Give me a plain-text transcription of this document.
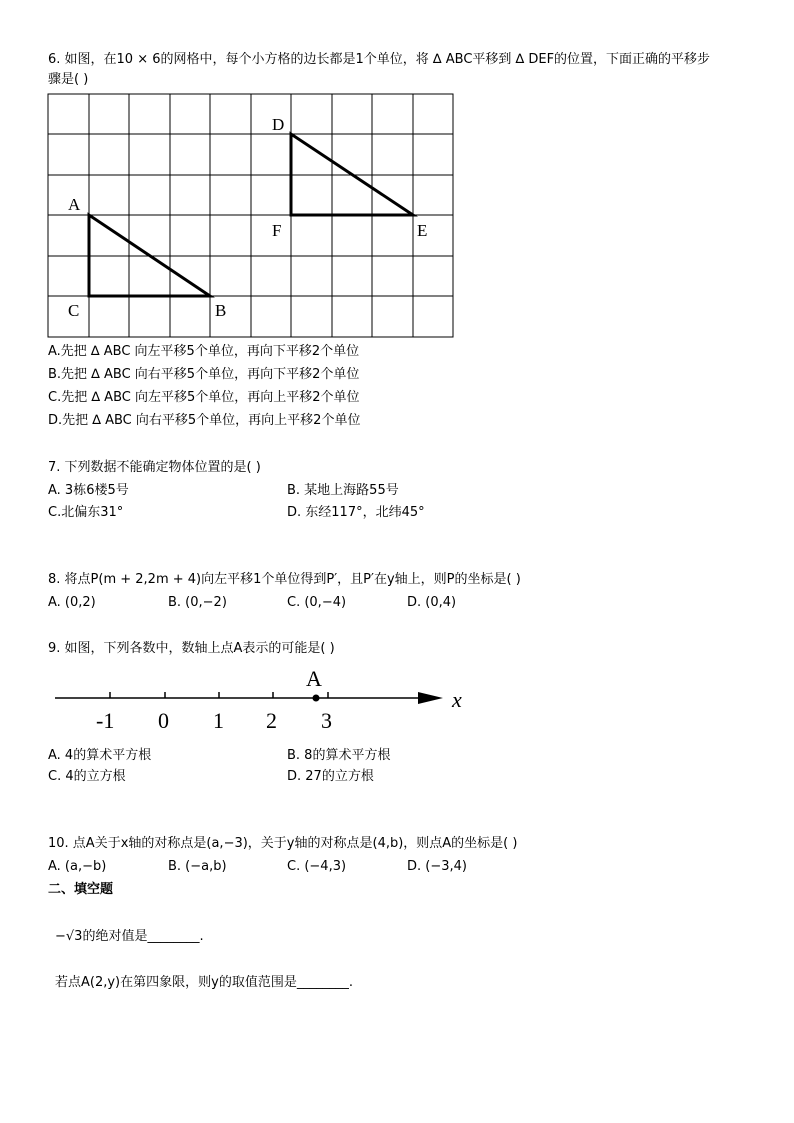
6. 如图，在10 × 6的网格中，每个小方格的边长都是1个单位，将 ∆ ABC平移到 ∆ DEF的位置，下面正确的平移步
骤是( )
A
B
C
D
E
F
A.先把 ∆ ABC 向左平移5个单位，再向下平移2个单位
B.先把 ∆ ABC 向右平移5个单位，再向下平移2个单位
C.先把 ∆ ABC 向左平移5个单位，再向上平移2个单位
D.先把 ∆ ABC 向右平移5个单位，再向上平移2个单位
7. 下列数据不能确定物体位置的是( )
A. 3栋6楼5号	B. 某地上海路55号
C.北偏东31°	D. 东经117°，北纬45°
8. 将点P(m + 2,2m + 4)向左平移1个单位得到P′，且P′在y轴上，则P的坐标是( )
A. (0,2)	B. (0,−2)	C. (0,−4)	D. (0,4)
9. 如图，下列各数中，数轴上点A表示的可能是( )
A
-1 0 1 2 3
x
A. 4的算术平方根	B. 8的算术平方根
C. 4的立方根	D. 27的立方根
10. 点A关于x轴的对称点是(a,−3)，关于y轴的对称点是(4,b)，则点A的坐标是( )
A. (a,−b)	B. (−a,b)	C. (−4,3)	D. (−3,4)
二、填空题
−√3的绝对值是________.
若点A(2,y)在第四象限，则y的取值范围是________.
